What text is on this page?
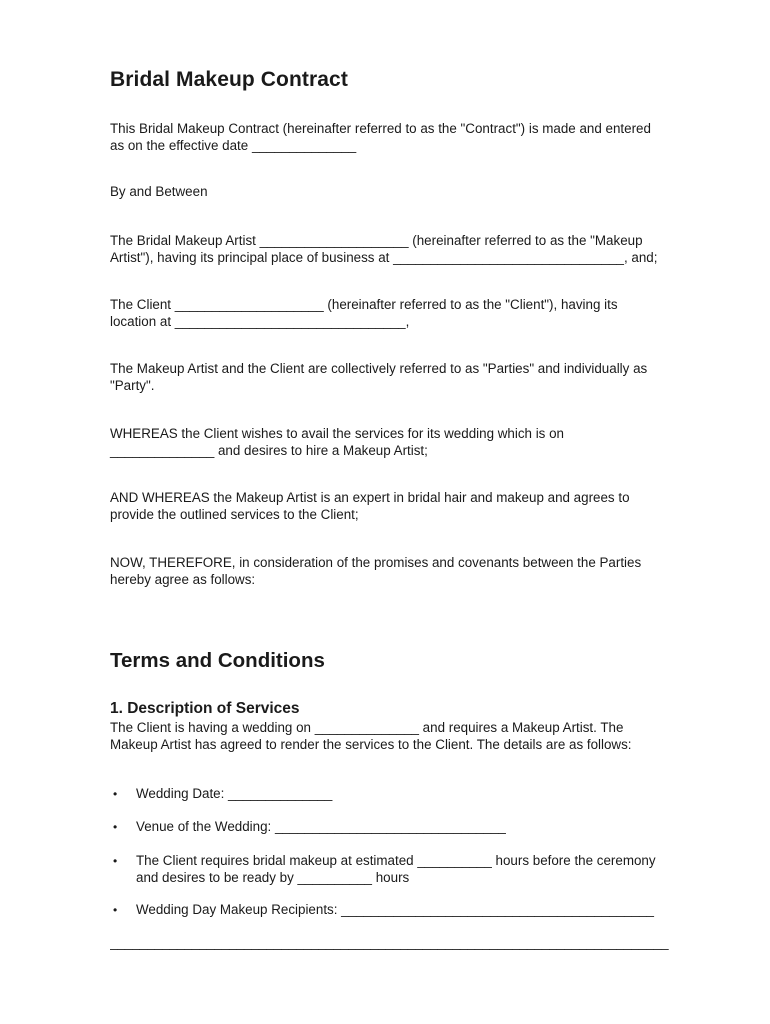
Bridal Makeup Contract

This Bridal Makeup Contract (hereinafter referred to as the "Contract") is made and entered
as on the effective date ______________

By and Between

The Bridal Makeup Artist ____________________ (hereinafter referred to as the "Makeup
Artist"), having its principal place of business at _______________________________, and;

The Client ____________________ (hereinafter referred to as the "Client"), having its
location at _______________________________,

The Makeup Artist and the Client are collectively referred to as "Parties" and individually as
"Party".

WHEREAS the Client wishes to avail the services for its wedding which is on
______________ and desires to hire a Makeup Artist;

AND WHEREAS the Makeup Artist is an expert in bridal hair and makeup and agrees to
provide the outlined services to the Client;

NOW, THEREFORE, in consideration of the promises and covenants between the Parties
hereby agree as follows:

Terms and Conditions
1. Description of Services

The Client is having a wedding on ______________ and requires a Makeup Artist. The
Makeup Artist has agreed to render the services to the Client. The details are as follows:

• Wedding Date: ______________
• Venue of the Wedding: _______________________________
• The Client requires bridal makeup at estimated __________ hours before the ceremony
and desires to be ready by __________ hours
• Wedding Day Makeup Recipients: __________________________________________
___________________________________________________________________________
